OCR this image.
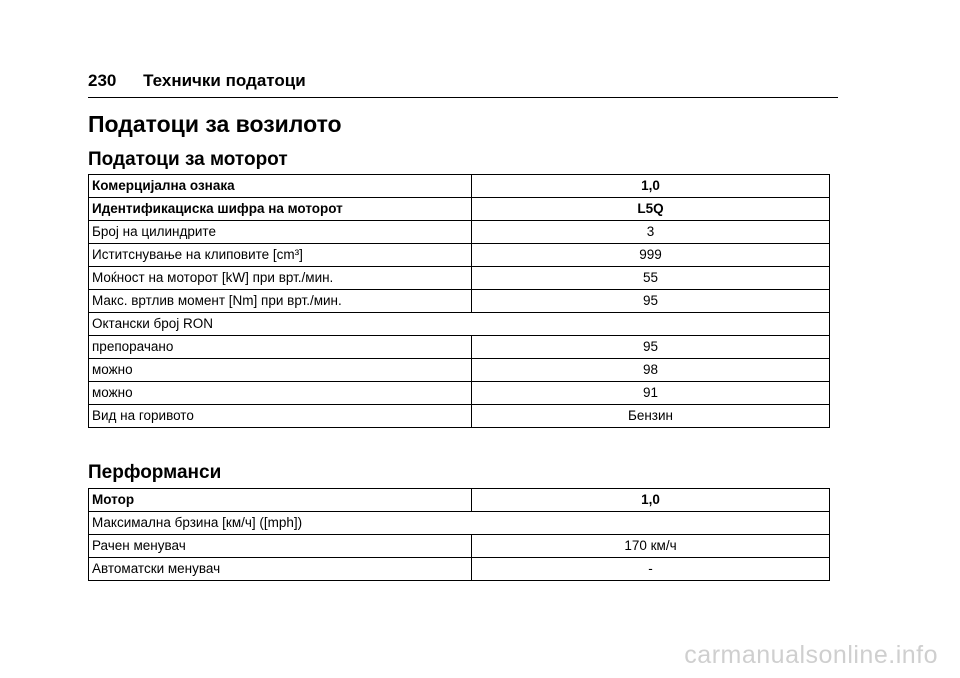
230 Технички податоци
Податоци за возилото
Податоци за моторот
Комерцијална ознака	1,0
Идентификациска шифра на моторот	L5Q
Број на цилиндрите	3
Иститснување на клиповите [cm³]	999
Моќност на моторот [kW] при врт./мин.	55
Макс. вртлив момент [Nm] при врт./мин.	95
Октански број RON	
препорачано	95
можно	98
можно	91
Вид на горивото	Бензин
Перформанси
Мотор	1,0
Максимална брзина [км/ч] ([mph])	
Рачен менувач	170 км/ч
Автоматски менувач	-
carmanualsonline.info
